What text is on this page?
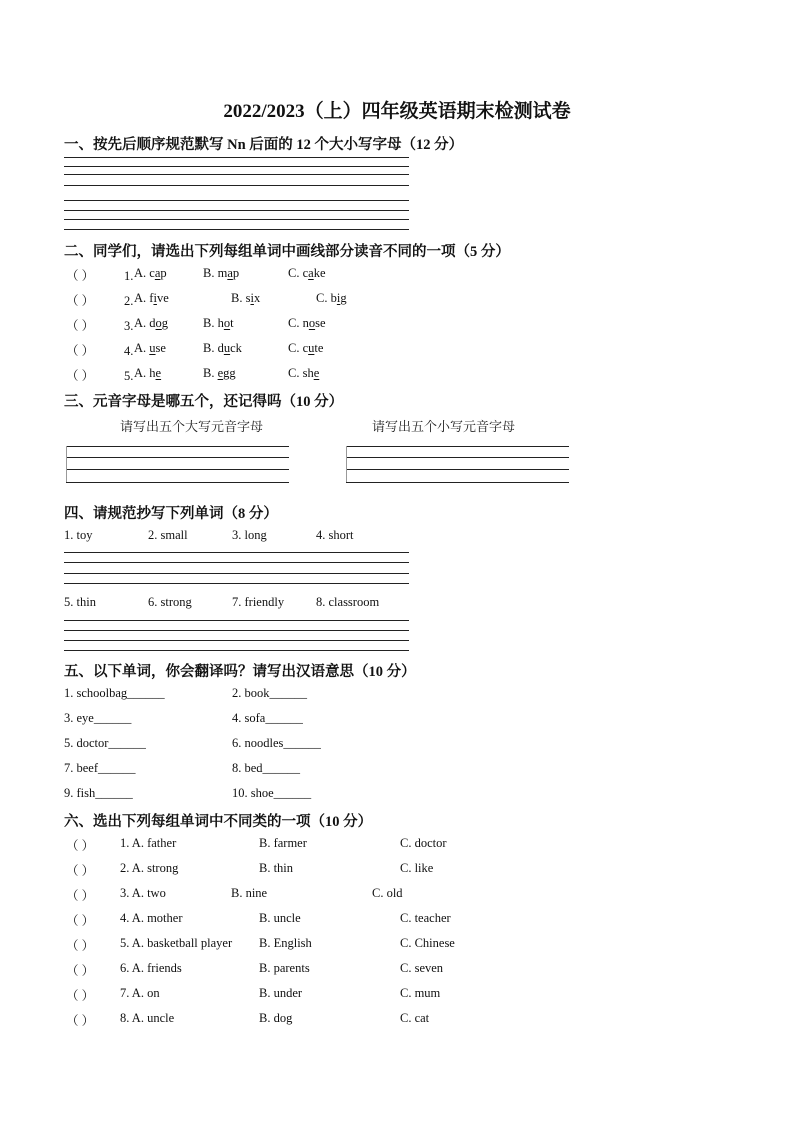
2022/2023（上）四年级英语期末检测试卷
一、按先后顺序规范默写 Nn 后面的 12 个大小写字母（12 分）
二、同学们，请选出下列每组单词中画线部分读音不同的一项（5 分）
（ ） 1. A. cap	B. map	C. cake
（ ） 2. A. five	B. six	C. big
（ ） 3. A. dog	B. hot	C. nose
（ ） 4. A. use	B. duck	C. cute
（ ） 5. A. he	B. egg	C. she
三、元音字母是哪五个，还记得吗（10 分）
请写出五个大写元音字母	请写出五个小写元音字母
四、请规范抄写下列单词（8 分）
1. toy	2. small	3. long	4. short
5. thin	6. strong	7. friendly	8. classroom
五、以下单词，你会翻译吗？请写出汉语意思（10 分）
1. schoolbag______	2. book______
3. eye______	4. sofa______
5. doctor______	6. noodles______
7. beef______	8. bed______
9. fish______	10. shoe______
六、选出下列每组单词中不同类的一项（10 分）
（ ） 1. A. father	B. farmer	C. doctor
（ ） 2. A. strong	B. thin	C. like
（ ） 3. A. two	B. nine	C. old
（ ） 4. A. mother	B. uncle	C. teacher
（ ） 5. A. basketball player B. English	C. Chinese
（ ） 6. A. friends	B. parents	C. seven
（ ） 7. A. on	B. under	C. mum
（ ） 8. A. uncle	B. dog	C. cat
